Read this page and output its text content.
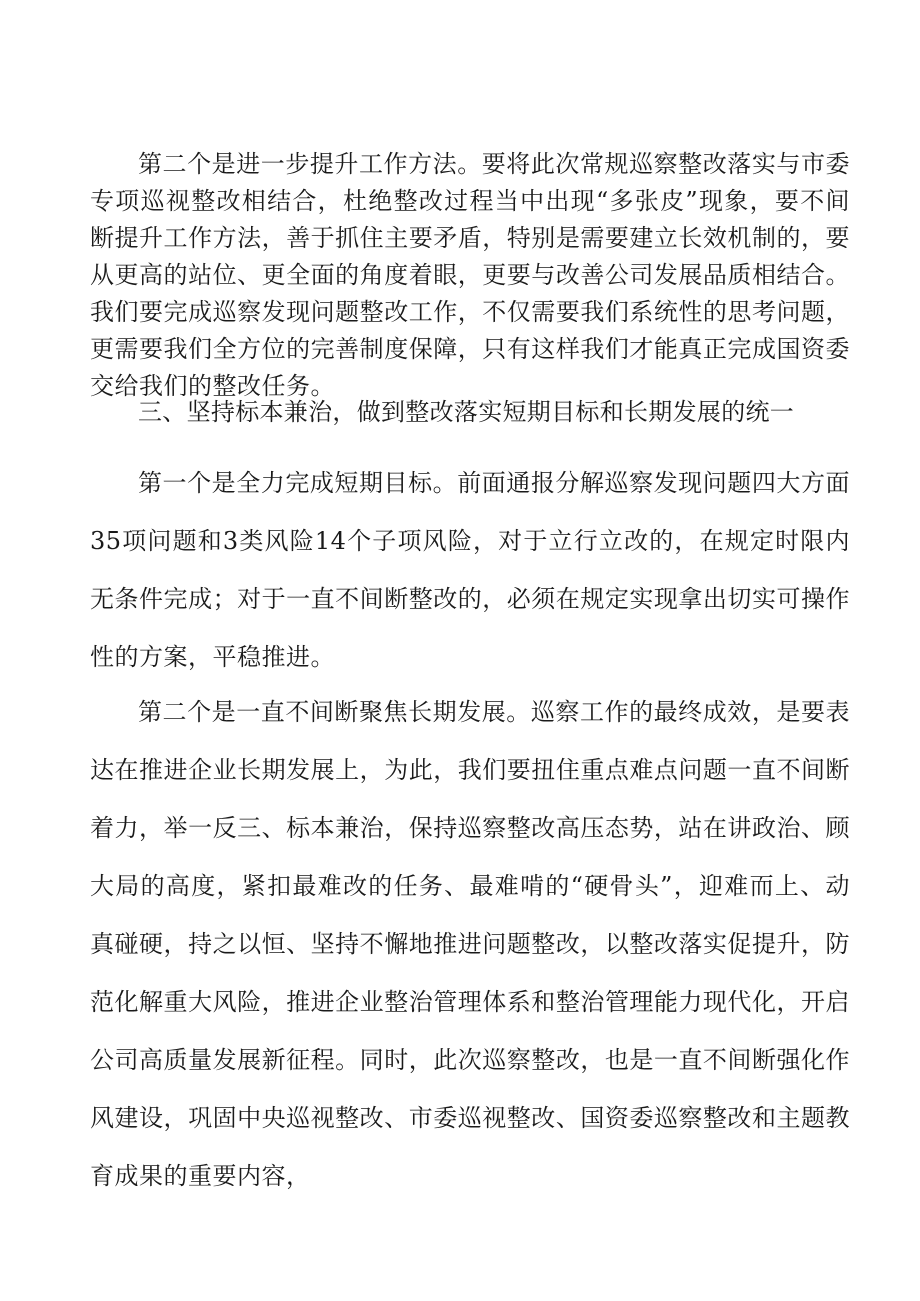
第二个是进一步提升工作方法。要将此次常规巡察整改落实与市委专项巡视整改相结合，杜绝整改过程当中出现“多张皮”现象，要不间断提升工作方法，善于抓住主要矛盾，特别是需要建立长效机制的，要从更高的站位、更全面的角度着眼，更要与改善公司发展品质相结合。我们要完成巡察发现问题整改工作，不仅需要我们系统性的思考问题，更需要我们全方位的完善制度保障，只有这样我们才能真正完成国资委交给我们的整改任务。

三、坚持标本兼治，做到整改落实短期目标和长期发展的统一

第一个是全力完成短期目标。前面通报分解巡察发现问题四大方面35项问题和3类风险14个子项风险，对于立行立改的，在规定时限内无条件完成；对于一直不间断整改的，必须在规定实现拿出切实可操作性的方案，平稳推进。

第二个是一直不间断聚焦长期发展。巡察工作的最终成效，是要表达在推进企业长期发展上，为此，我们要扭住重点难点问题一直不间断着力，举一反三、标本兼治，保持巡察整改高压态势，站在讲政治、顾大局的高度，紧扣最难改的任务、最难啃的“硬骨头”，迎难而上、动真碰硬，持之以恒、坚持不懈地推进问题整改，以整改落实促提升，防范化解重大风险，推进企业整治管理体系和整治管理能力现代化，开启公司高质量发展新征程。同时，此次巡察整改，也是一直不间断强化作风建设，巩固中央巡视整改、市委巡视整改、国资委巡察整改和主题教育成果的重要内容，
